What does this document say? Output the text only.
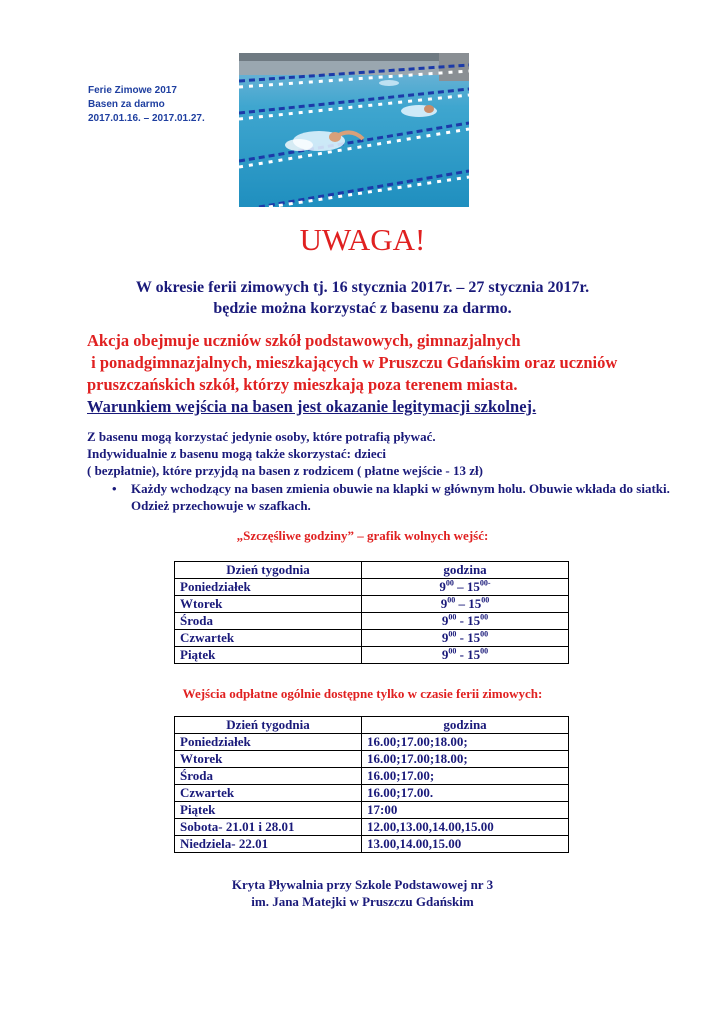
Ferie Zimowe 2017
Basen za darmo
2017.01.16. – 2017.01.27.
UWAGA!
W okresie ferii zimowych tj. 16 stycznia 2017r. – 27 stycznia 2017r.
będzie można korzystać z basenu za darmo.
Akcja obejmuje uczniów szkół podstawowych, gimnazjalnych
i ponadgimnazjalnych, mieszkających w Pruszczu Gdańskim oraz uczniów
pruszczańskich szkół, którzy mieszkają poza terenem miasta.
Warunkiem wejścia na basen jest okazanie legitymacji szkolnej.
Z basenu mogą korzystać jedynie osoby, które potrafią pływać.
Indywidualnie z basenu mogą także skorzystać: dzieci
( bezpłatnie), które przyjdą na basen z rodzicem ( płatne wejście - 13 zł)
• Każdy wchodzący na basen zmienia obuwie na klapki w głównym holu. Obuwie wkłada do siatki. Odzież przechowuje w szafkach.
„Szczęśliwe godziny” – grafik wolnych wejść:
Dzień tygodnia	godzina
Poniedziałek	$9^{00} - 15^{00-}$
Wtorek	$9^{00} - 15^{00}$
Środa	$9^{00} - 15^{00}$
Czwartek	$9^{00} - 15^{00}$
Piątek	$9^{00} - 15^{00}$
Wejścia odpłatne ogólnie dostępne tylko w czasie ferii zimowych:
Dzień tygodnia	godzina
Poniedziałek	16.00;17.00;18.00;
Wtorek	16.00;17.00;18.00;
Środa	16.00;17.00;
Czwartek	16.00;17.00.
Piątek	17:00
Sobota- 21.01 i 28.01	12.00,13.00,14.00,15.00
Niedziela- 22.01	13.00,14.00,15.00
Kryta Pływalnia przy Szkole Podstawowej nr 3
im. Jana Matejki w Pruszczu Gdańskim
